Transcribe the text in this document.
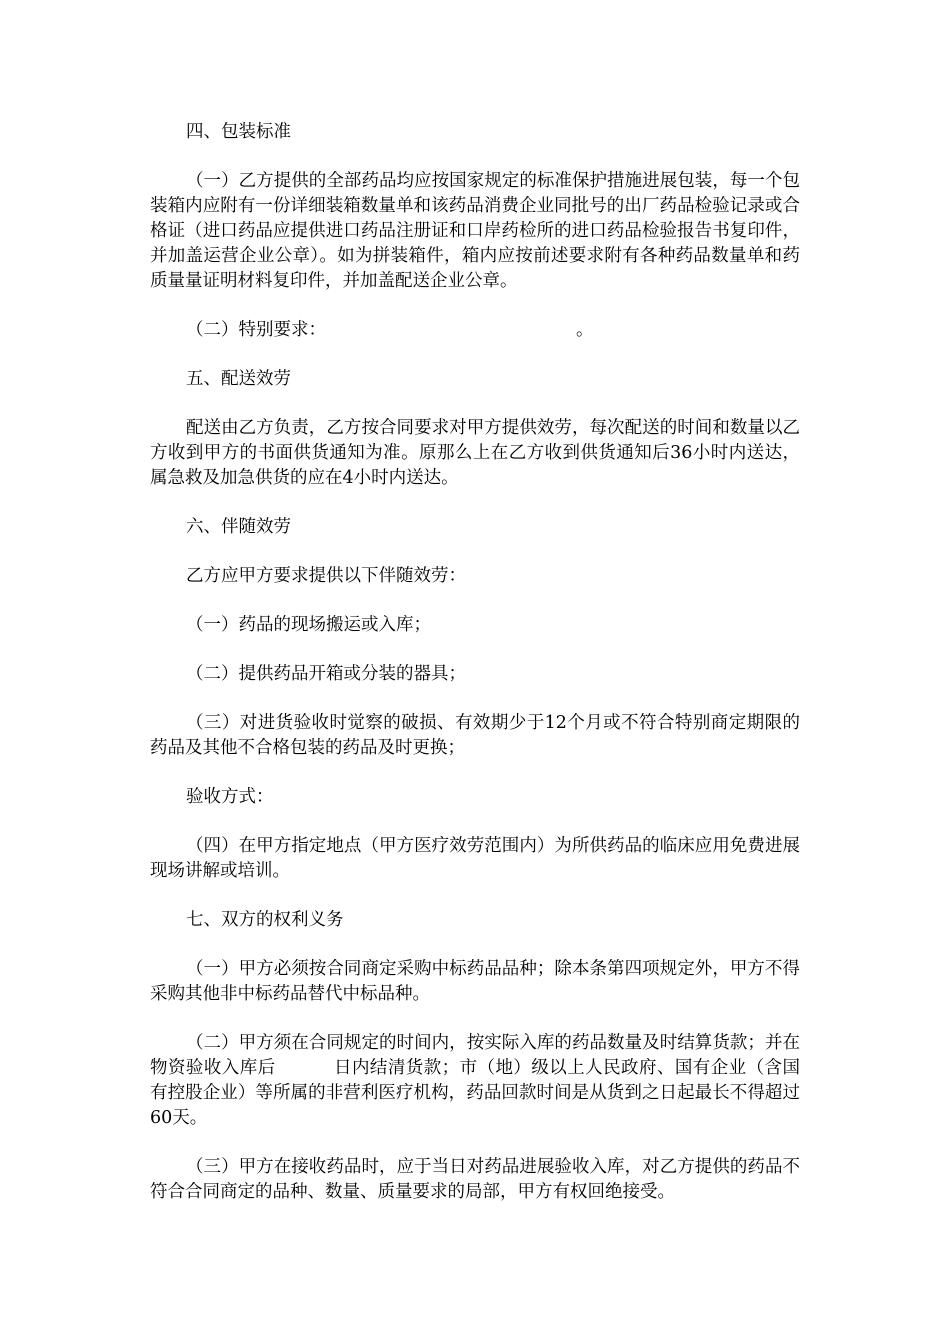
四、包装标准

（一）乙方提供的全部药品均应按国家规定的标准保护措施进展包装，每一个包装箱内应附有一份详细装箱数量单和该药品消费企业同批号的出厂药品检验记录或合格证（进口药品应提供进口药品注册证和口岸药检所的进口药品检验报告书复印件，并加盖运营企业公章）。如为拼装箱件，箱内应按前述要求附有各种药品数量单和药质量量证明材料复印件，并加盖配送企业公章。

（二）特别要求：	。

五、配送效劳

配送由乙方负责，乙方按合同要求对甲方提供效劳，每次配送的时间和数量以乙方收到甲方的书面供货通知为准。原那么上在乙方收到供货通知后36小时内送达，属急救及加急供货的应在4小时内送达。

六、伴随效劳

乙方应甲方要求提供以下伴随效劳：

（一）药品的现场搬运或入库；

（二）提供药品开箱或分装的器具；

（三）对进货验收时觉察的破损、有效期少于12个月或不符合特别商定期限的药品及其他不合格包装的药品及时更换；

验收方式：

（四）在甲方指定地点（甲方医疗效劳范围内）为所供药品的临床应用免费进展现场讲解或培训。

七、双方的权利义务

（一）甲方必须按合同商定采购中标药品品种；除本条第四项规定外，甲方不得采购其他非中标药品替代中标品种。

（二）甲方须在合同规定的时间内，按实际入库的药品数量及时结算货款；并在物资验收入库后	日内结清货款；市（地）级以上人民政府、国有企业（含国有控股企业）等所属的非营利医疗机构，药品回款时间是从货到之日起最长不得超过60天。

（三）甲方在接收药品时，应于当日对药品进展验收入库，对乙方提供的药品不符合合同商定的品种、数量、质量要求的局部，甲方有权回绝接受。
